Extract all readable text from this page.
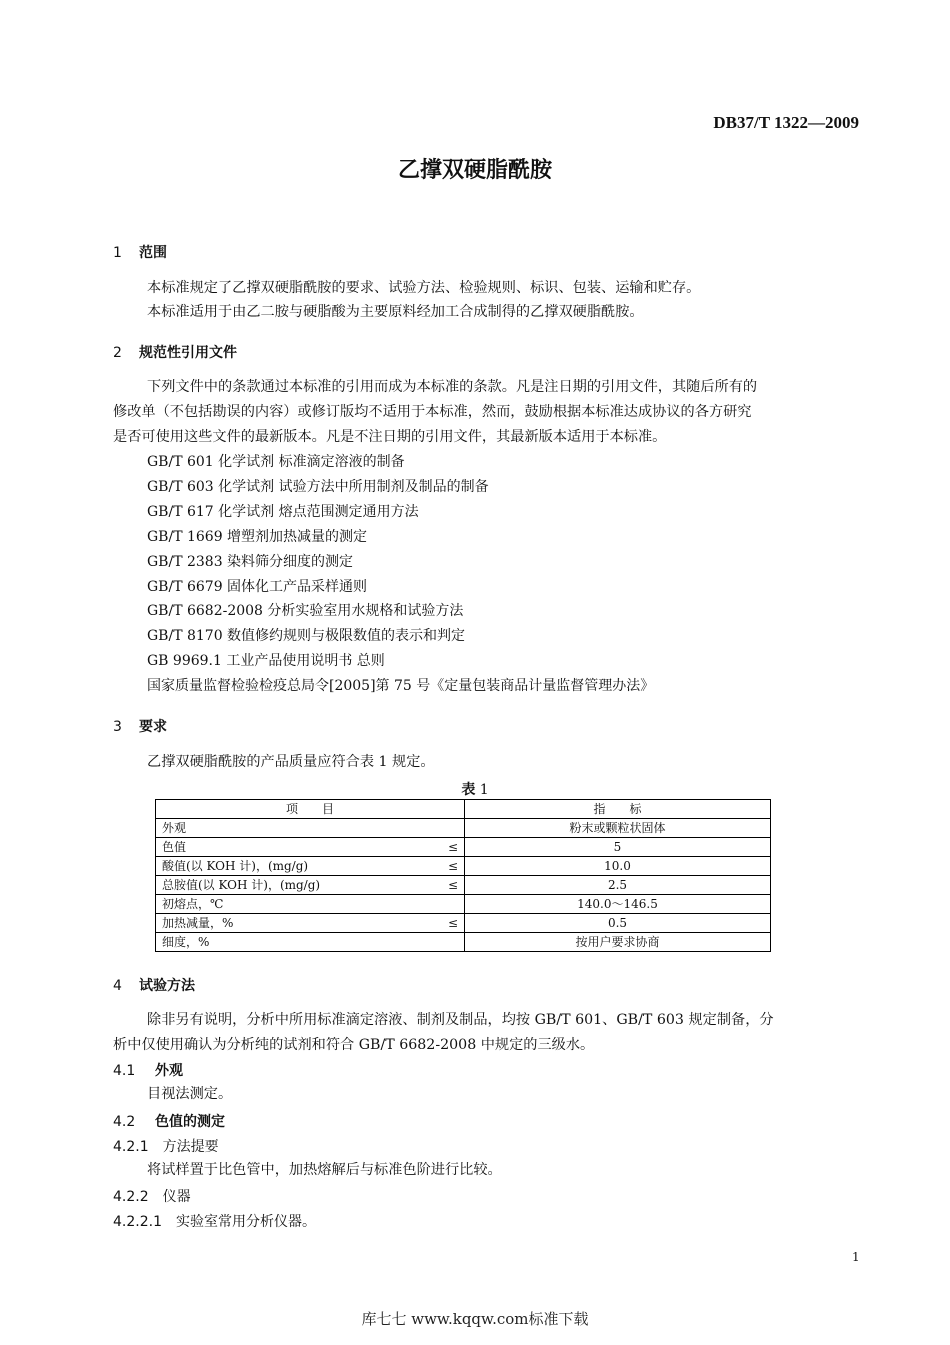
DB37/T 1322—2009
乙撑双硬脂酰胺
1 范围
本标准规定了乙撑双硬脂酰胺的要求、试验方法、检验规则、标识、包装、运输和贮存。
本标准适用于由乙二胺与硬脂酸为主要原料经加工合成制得的乙撑双硬脂酰胺。
2 规范性引用文件
下列文件中的条款通过本标准的引用而成为本标准的条款。凡是注日期的引用文件，其随后所有的
修改单（不包括勘误的内容）或修订版均不适用于本标准，然而，鼓励根据本标准达成协议的各方研究
是否可使用这些文件的最新版本。凡是不注日期的引用文件，其最新版本适用于本标准。
GB/T 601 化学试剂 标准滴定溶液的制备
GB/T 603 化学试剂 试验方法中所用制剂及制品的制备
GB/T 617 化学试剂 熔点范围测定通用方法
GB/T 1669 增塑剂加热减量的测定
GB/T 2383 染料筛分细度的测定
GB/T 6679 固体化工产品采样通则
GB/T 6682-2008 分析实验室用水规格和试验方法
GB/T 8170 数值修约规则与极限数值的表示和判定
GB 9969.1 工业产品使用说明书 总则
国家质量监督检验检疫总局令[2005]第 75 号《定量包装商品计量监督管理办法》
3 要求
乙撑双硬脂酰胺的产品质量应符合表 1 规定。
表 1
项　　目	指　　标
外观	粉末或颗粒状固体
色值 ≤	5
酸值(以 KOH 计)，(mg/g) ≤	10.0
总胺值(以 KOH 计)，(mg/g) ≤	2.5
初熔点，℃	140.0～146.5
加热减量，% ≤	0.5
细度，%	按用户要求协商
4 试验方法
除非另有说明，分析中所用标准滴定溶液、制剂及制品，均按 GB/T 601、GB/T 603 规定制备，分
析中仅使用确认为分析纯的试剂和符合 GB/T 6682-2008 中规定的三级水。
4.1 外观
目视法测定。
4.2 色值的测定
4.2.1 方法提要
将试样置于比色管中，加热熔解后与标准色阶进行比较。
4.2.2 仪器
4.2.2.1 实验室常用分析仪器。
1
库七七 www.kqqw.com标准下载
